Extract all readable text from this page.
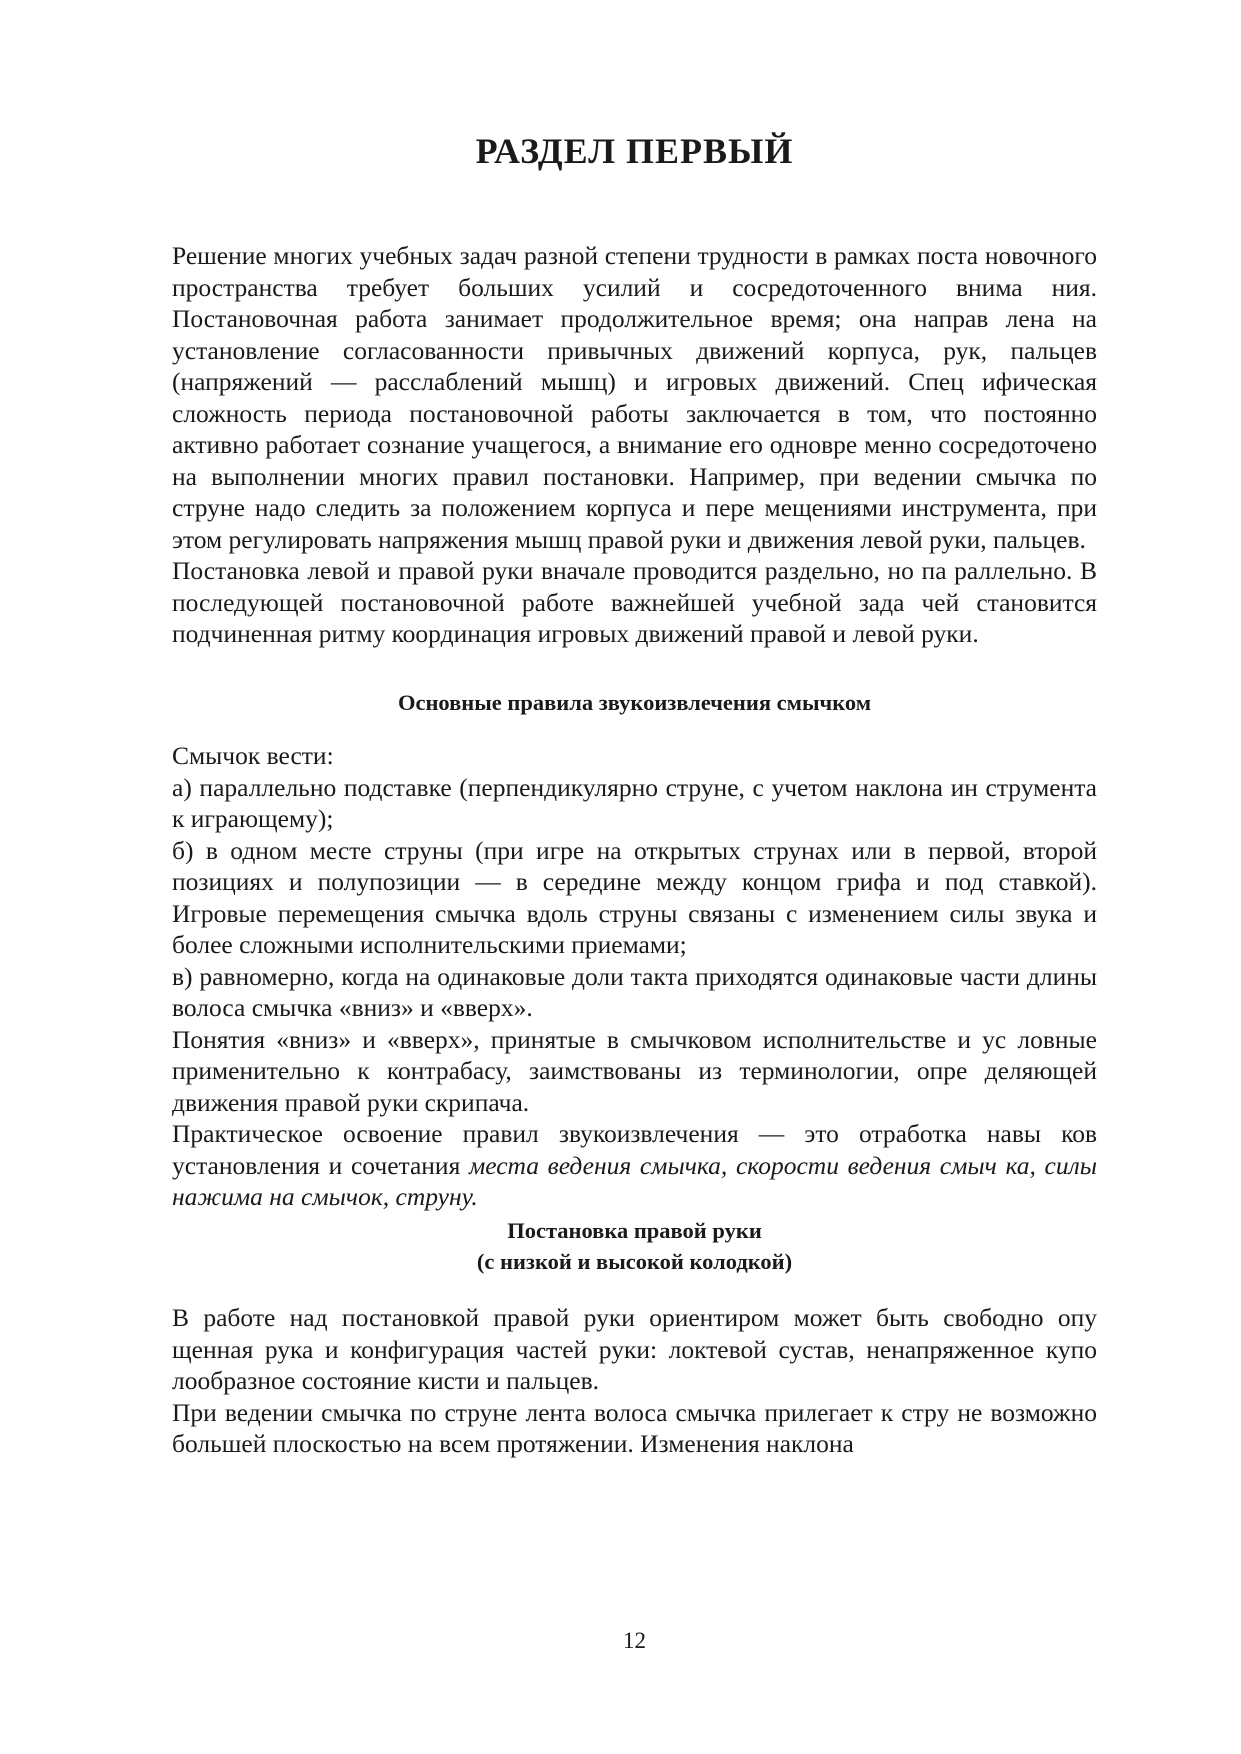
РАЗДЕЛ ПЕРВЫЙ

Решение многих учебных задач разной степени трудности в рамках поста новочного пространства требует больших усилий и сосредоточенного внима ния. Постановочная работа занимает продолжительное время; она направ лена на установление согласованности привычных движений корпуса, рук, пальцев (напряжений — расслаблений мышц) и игровых движений. Спец ифическая сложность периода постановочной работы заключается в том, что постоянно активно работает сознание учащегося, а внимание его одновре менно сосредоточено на выполнении многих правил постановки. Например, при ведении смычка по струне надо следить за положением корпуса и пере мещениями инструмента, при этом регулировать напряжения мышц правой руки и движения левой руки, пальцев.

Постановка левой и правой руки вначале проводится раздельно, но па раллельно. В последующей постановочной работе важнейшей учебной зада чей становится подчиненная ритму координация игровых движений правой и левой руки.

Основные правила звукоизвлечения смычком

Смычок вести:

а) параллельно подставке (перпендикулярно струне, с учетом наклона ин струмента к играющему);

б) в одном месте струны (при игре на открытых струнах или в первой, второй позициях и полупозиции — в середине между концом грифа и под ставкой). Игровые перемещения смычка вдоль струны связаны с изменением силы звука и более сложными исполнительскими приемами;

в) равномерно, когда на одинаковые доли такта приходятся одинаковые части длины волоса смычка «вниз» и «вверх».

Понятия «вниз» и «вверх», принятые в смычковом исполнительстве и ус ловные применительно к контрабасу, заимствованы из терминологии, опре деляющей движения правой руки скрипача.

Практическое освоение правил звукоизвлечения — это отработка навы ков установления и сочетания места ведения смычка, скорости ведения смыч ка, силы нажима на смычок, струну.

Постановка правой руки
(с низкой и высокой колодкой)

В работе над постановкой правой руки ориентиром может быть свободно опу щенная рука и конфигурация частей руки: локтевой сустав, ненапряженное купо лообразное состояние кисти и пальцев.

При ведении смычка по струне лента волоса смычка прилегает к стру не возможно большей плоскостью на всем протяжении. Изменения наклона

12
